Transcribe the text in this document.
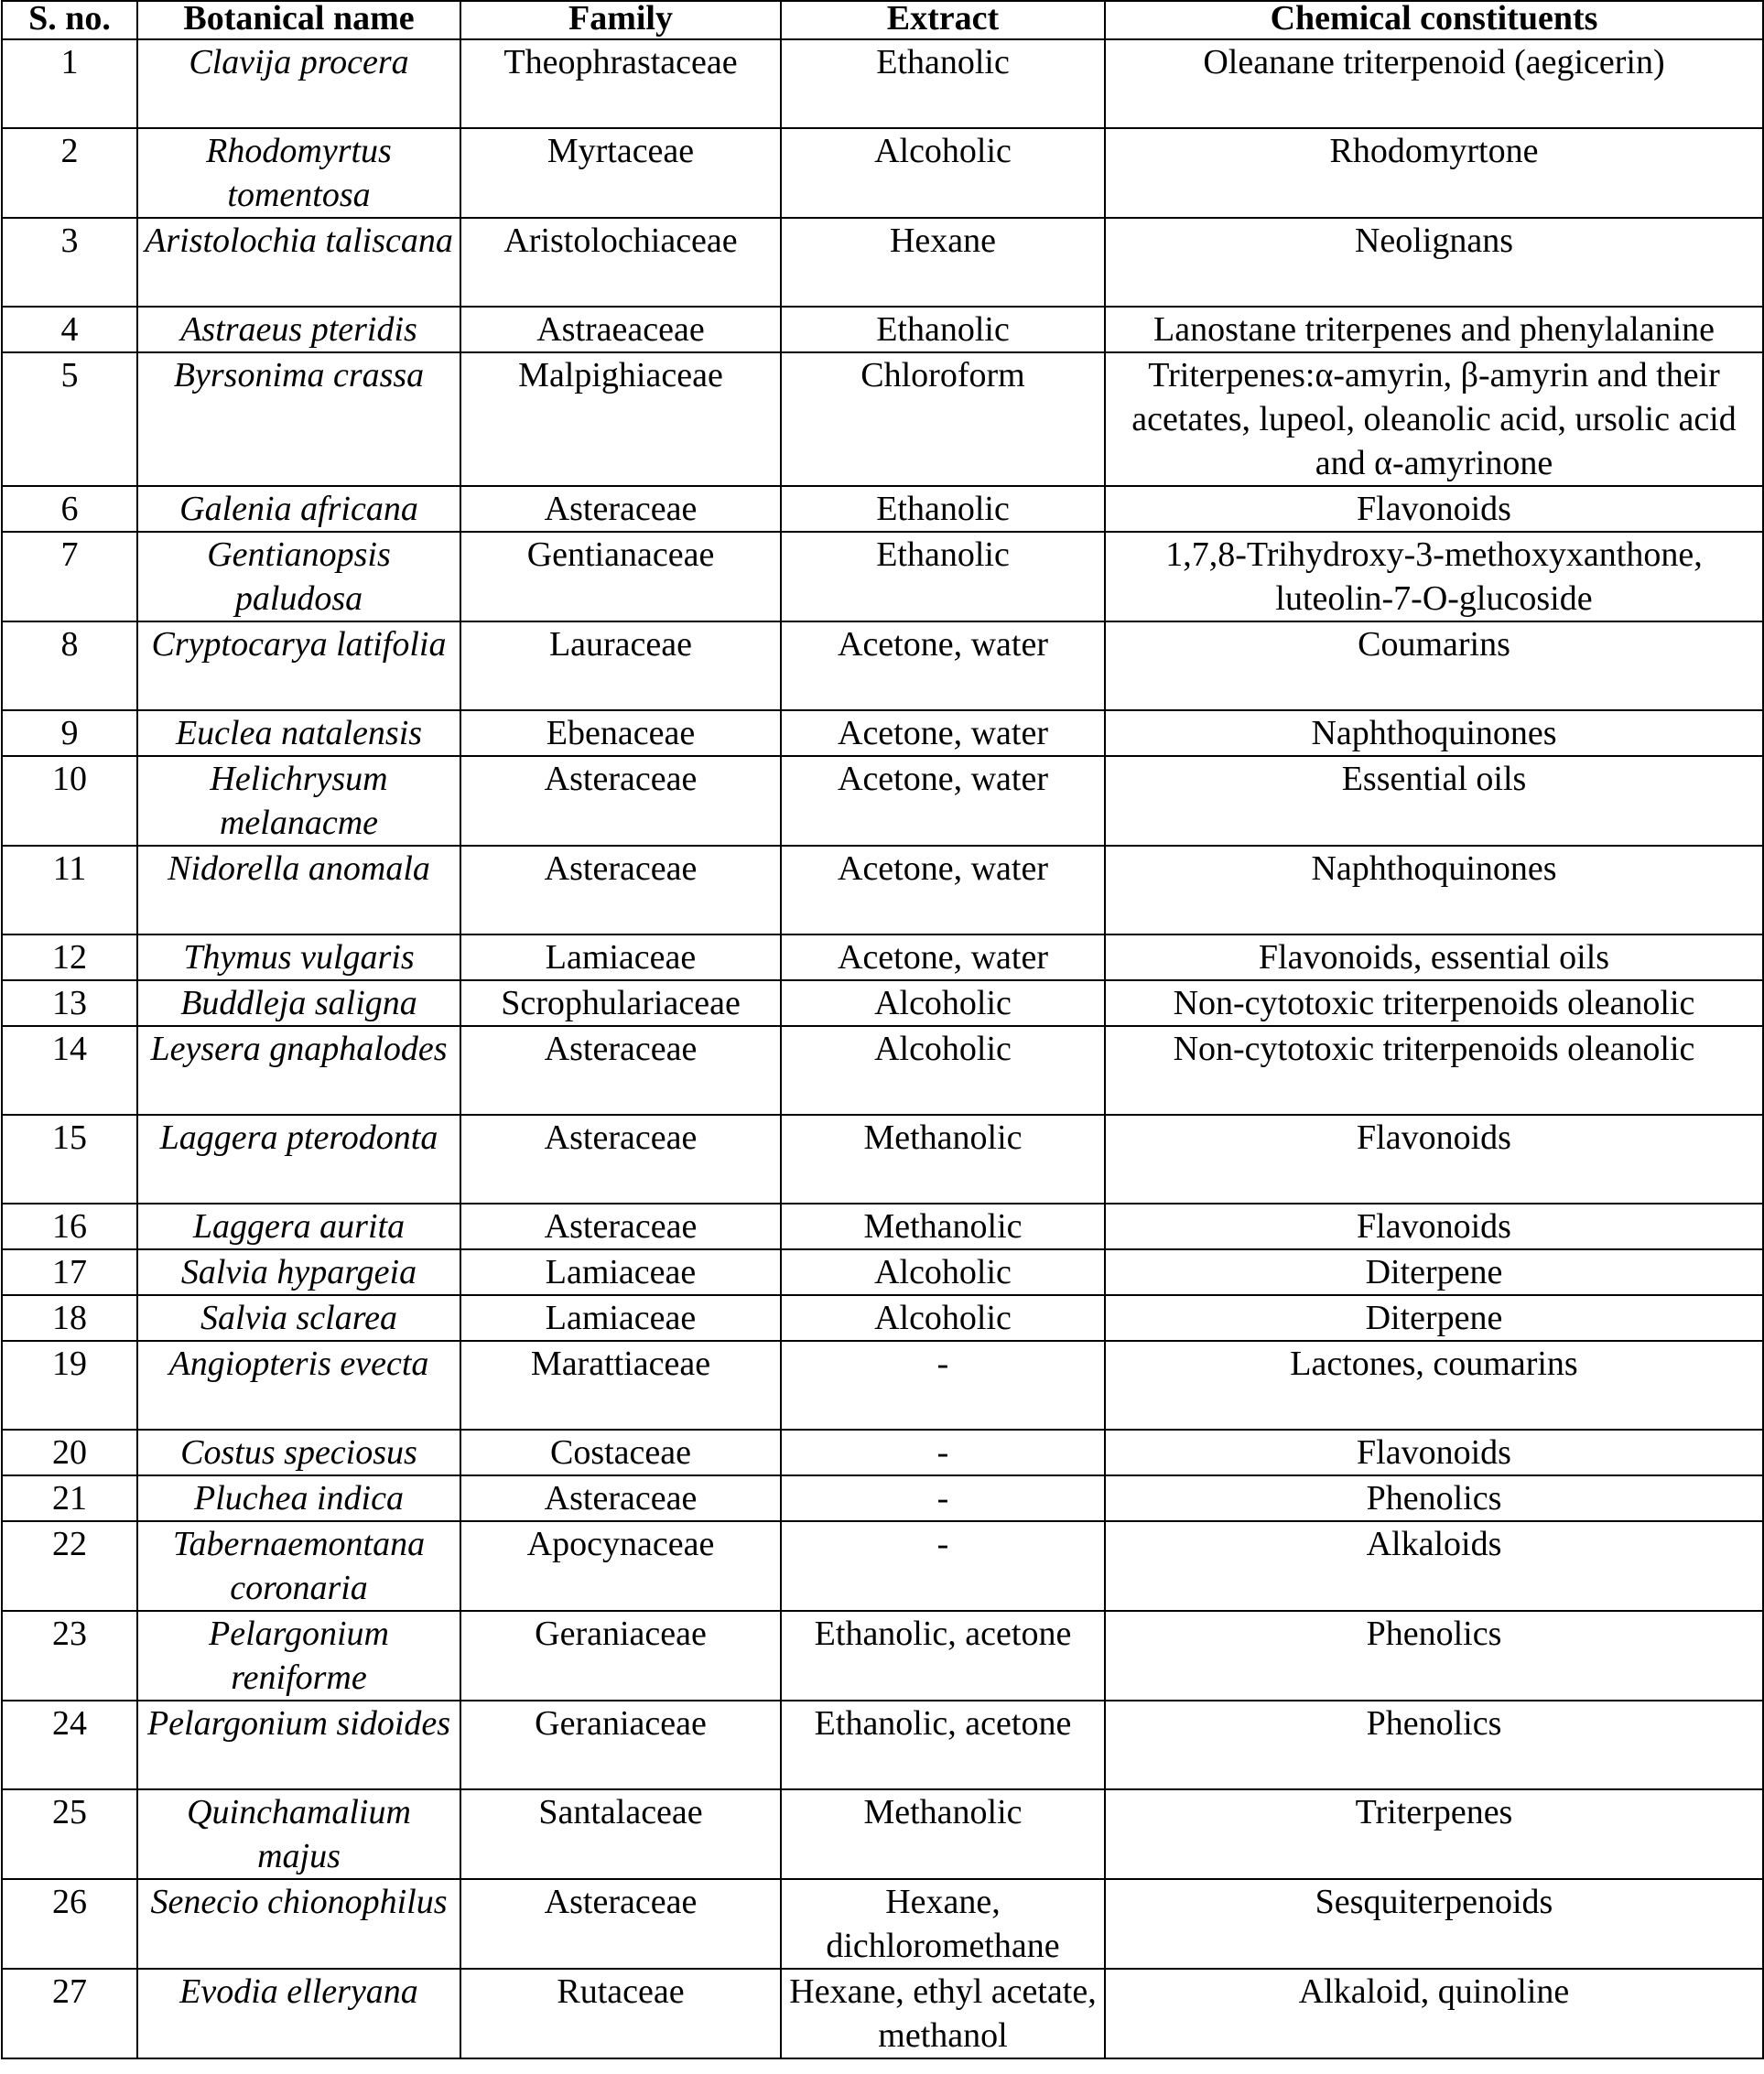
S. no.	Botanical name	Family	Extract	Chemical constituents
1	Clavija procera	Theophrastaceae	Ethanolic	Oleanane triterpenoid (aegicerin)
2	Rhodomyrtus tomentosa	Myrtaceae	Alcoholic	Rhodomyrtone
3	Aristolochia taliscana	Aristolochiaceae	Hexane	Neolignans
4	Astraeus pteridis	Astraeaceae	Ethanolic	Lanostane triterpenes and phenylalanine
5	Byrsonima crassa	Malpighiaceae	Chloroform	Triterpenes:α-amyrin, β-amyrin and their acetates, lupeol, oleanolic acid, ursolic acid and α-amyrinone
6	Galenia africana	Asteraceae	Ethanolic	Flavonoids
7	Gentianopsis paludosa	Gentianaceae	Ethanolic	1,7,8-Trihydroxy-3-methoxyxanthone, luteolin-7-O-glucoside
8	Cryptocarya latifolia	Lauraceae	Acetone, water	Coumarins
9	Euclea natalensis	Ebenaceae	Acetone, water	Naphthoquinones
10	Helichrysum melanacme	Asteraceae	Acetone, water	Essential oils
11	Nidorella anomala	Asteraceae	Acetone, water	Naphthoquinones
12	Thymus vulgaris	Lamiaceae	Acetone, water	Flavonoids, essential oils
13	Buddleja saligna	Scrophulariaceae	Alcoholic	Non-cytotoxic triterpenoids oleanolic
14	Leysera gnaphalodes	Asteraceae	Alcoholic	Non-cytotoxic triterpenoids oleanolic
15	Laggera pterodonta	Asteraceae	Methanolic	Flavonoids
16	Laggera aurita	Asteraceae	Methanolic	Flavonoids
17	Salvia hypargeia	Lamiaceae	Alcoholic	Diterpene
18	Salvia sclarea	Lamiaceae	Alcoholic	Diterpene
19	Angiopteris evecta	Marattiaceae	-	Lactones, coumarins
20	Costus speciosus	Costaceae	-	Flavonoids
21	Pluchea indica	Asteraceae	-	Phenolics
22	Tabernaemontana coronaria	Apocynaceae	-	Alkaloids
23	Pelargonium reniforme	Geraniaceae	Ethanolic, acetone	Phenolics
24	Pelargonium sidoides	Geraniaceae	Ethanolic, acetone	Phenolics
25	Quinchamalium majus	Santalaceae	Methanolic	Triterpenes
26	Senecio chionophilus	Asteraceae	Hexane, dichloromethane	Sesquiterpenoids
27	Evodia elleryana	Rutaceae	Hexane, ethyl acetate, methanol	Alkaloid, quinoline
